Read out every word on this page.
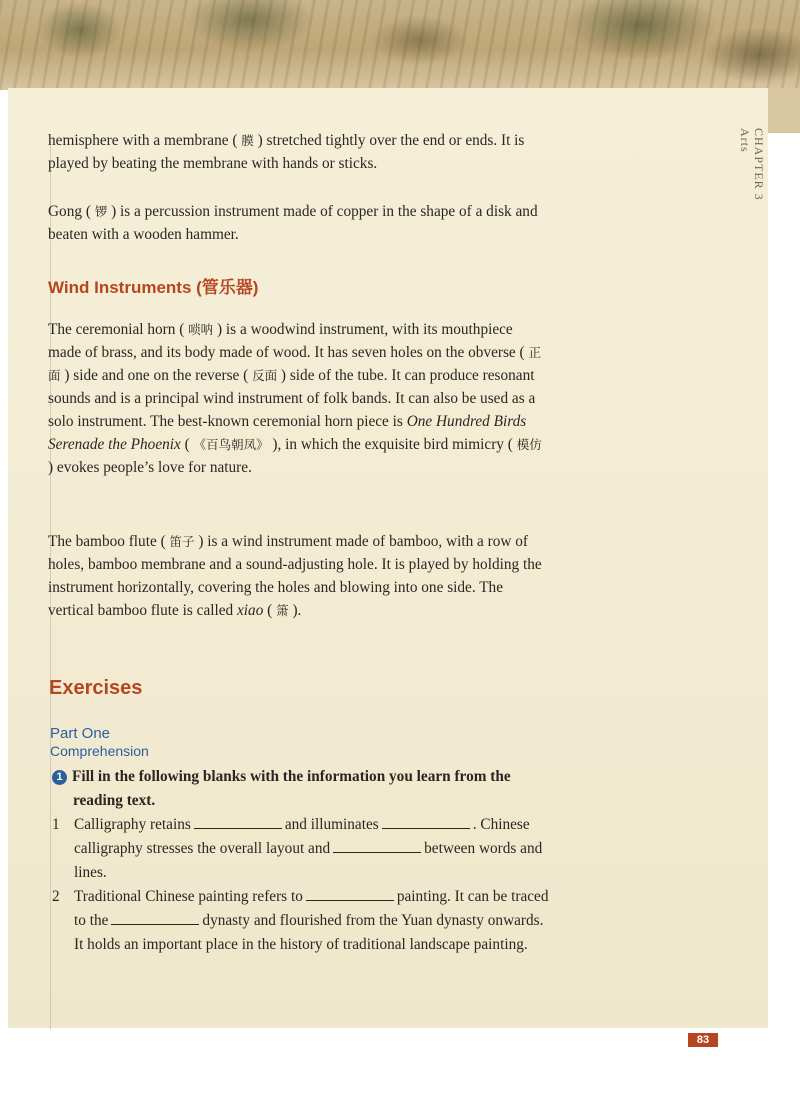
CHAPTER 3
Arts

hemisphere with a membrane ( 膜 ) stretched tightly over the end or ends. It is played by beating the membrane with hands or sticks.

Gong ( 锣 ) is a percussion instrument made of copper in the shape of a disk and beaten with a wooden hammer.

Wind Instruments (管乐器)

The ceremonial horn ( 唢呐 ) is a woodwind instrument, with its mouthpiece made of brass, and its body made of wood. It has seven holes on the obverse ( 正面 ) side and one on the reverse ( 反面 ) side of the tube. It can produce resonant sounds and is a principal wind instrument of folk bands. It can also be used as a solo instrument. The best-known ceremonial horn piece is One Hundred Birds Serenade the Phoenix ( 《百鸟朝凤》 ), in which the exquisite bird mimicry ( 模仿 ) evokes people’s love for nature.

The bamboo flute ( 笛子 ) is a wind instrument made of bamboo, with a row of holes, bamboo membrane and a sound-adjusting hole. It is played by holding the instrument horizontally, covering the holes and blowing into one side. The vertical bamboo flute is called xiao ( 箫 ).

Exercises
Part One
Comprehension
1 Fill in the following blanks with the information you learn from the
reading text.
1 Calligraphy retains	and illuminates	. Chinese calligraphy stresses the overall layout and	between words and lines.
2 Traditional Chinese painting refers to	painting. It can be traced to the	dynasty and flourished from the Yuan dynasty onwards. It holds an important place in the history of traditional landscape painting.
83
